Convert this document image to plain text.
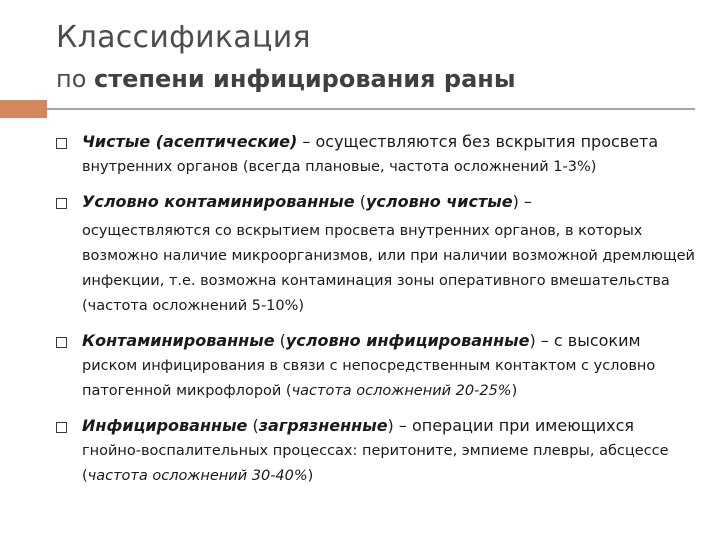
Классификация
по степени инфицирования раны
Чистые (асептические) – осуществляются без вскрытия просвета
внутренних органов (всегда плановые, частота осложнений 1-3%)
Условно контаминированные (условно чистые) –
осуществляются со вскрытием просвета внутренних органов, в которых возможно наличие микроорганизмов, или при наличии возможной дремлющей инфекции, т.е. возможна контаминация зоны оперативного вмешательства (частота осложнений 5-10%)
Контаминированные (условно инфицированные) – с высоким
риском инфицирования в связи с непосредственным контактом с условно патогенной микрофлорой (частота осложнений 20-25%)
Инфицированные (загрязненные) – операции при имеющихся
гнойно-воспалительных процессах: перитоните, эмпиеме плевры, абсцессе (частота осложнений 30-40%)
